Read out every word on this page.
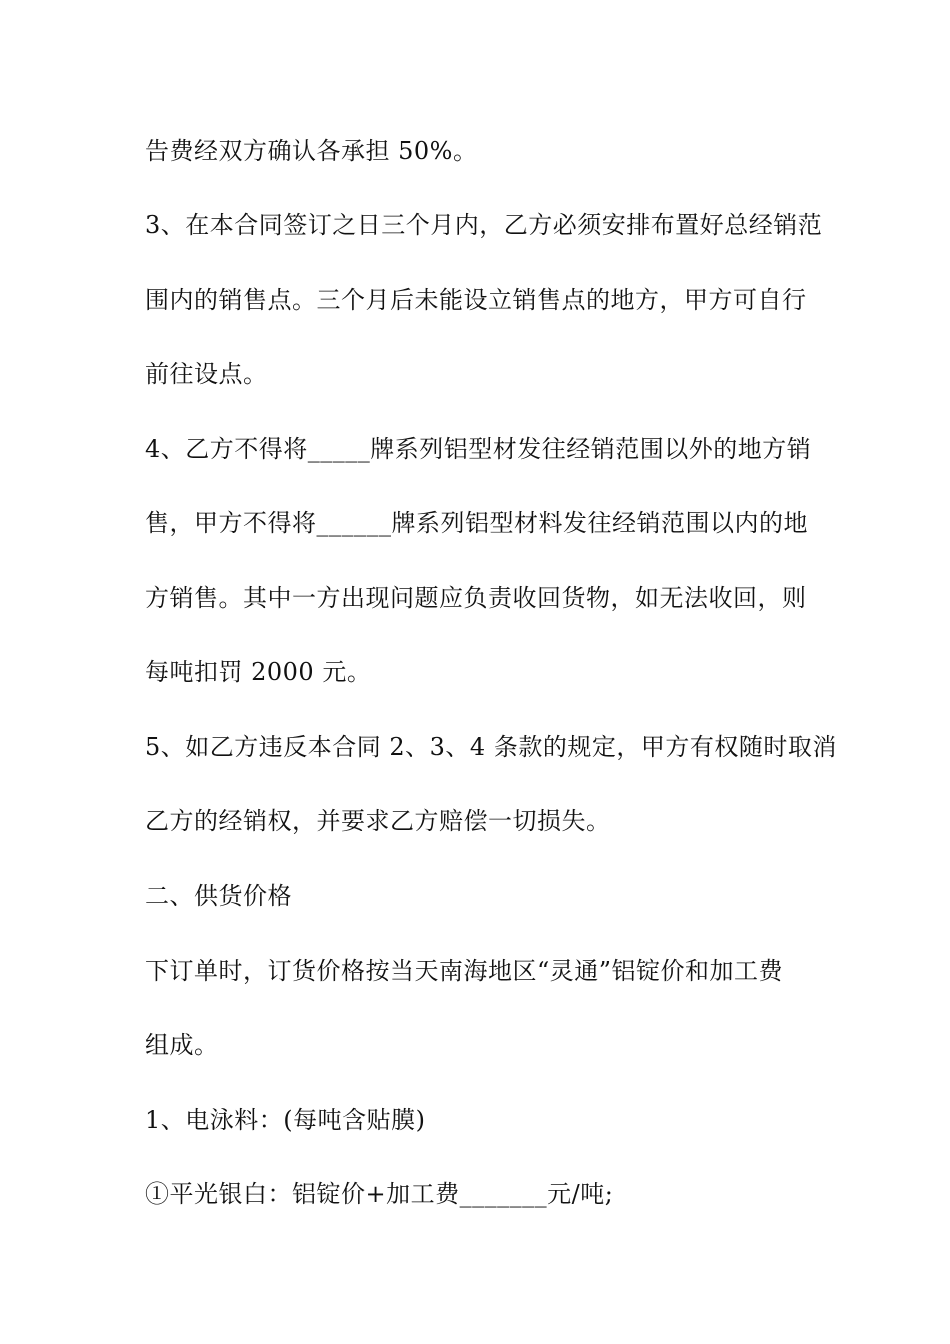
告费经双方确认各承担 50%。

3、在本合同签订之日三个月内，乙方必须安排布置好总经销范

围内的销售点。三个月后未能设立销售点的地方，甲方可自行

前往设点。

4、乙方不得将_____牌系列铝型材发往经销范围以外的地方销

售，甲方不得将______牌系列铝型材料发往经销范围以内的地

方销售。其中一方出现问题应负责收回货物，如无法收回，则

每吨扣罚 2000 元。

5、如乙方违反本合同 2、3、4 条款的规定，甲方有权随时取消

乙方的经销权，并要求乙方赔偿一切损失。

二、供货价格

下订单时，订货价格按当天南海地区“灵通”铝锭价和加工费

组成。

1、电泳料：(每吨含贴膜)

①平光银白：铝锭价+加工费_______元/吨;
